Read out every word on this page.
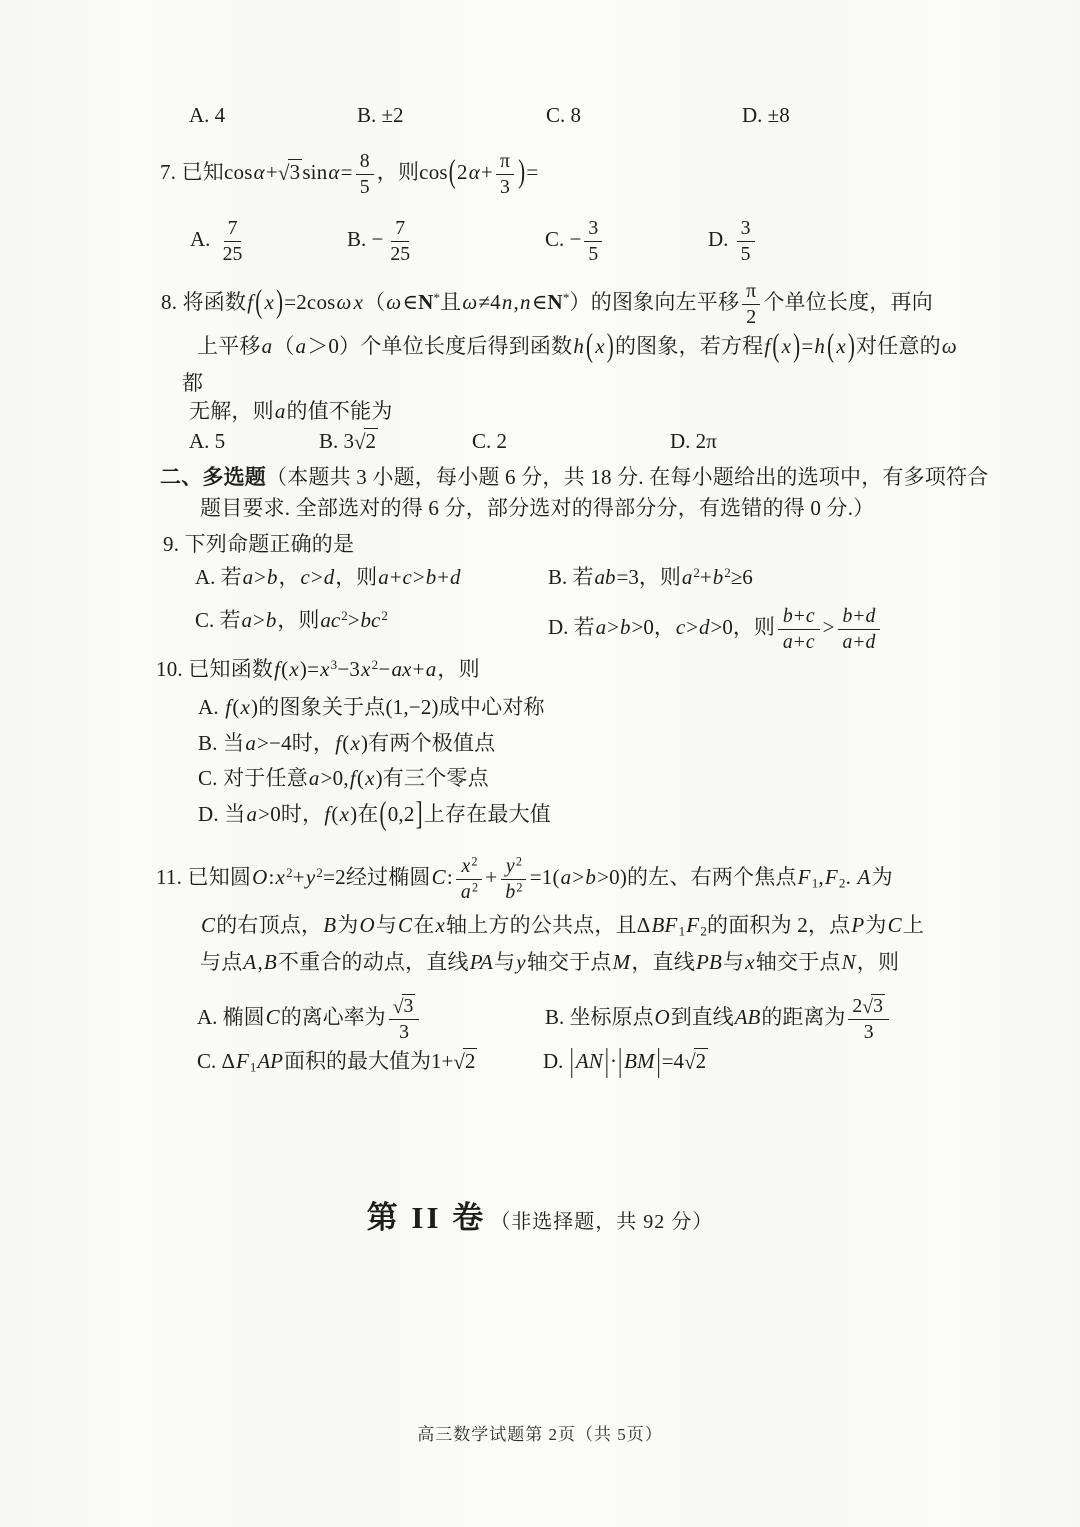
A. 4	B. ±2	C. 8	D. ±8
7. 已知$\cos\alpha+√3\sin\alpha= \frac{8}{5}$ ，则$\cos(2\alpha+ \frac{\pi}{3}$ )=
A. $\frac{7}{25}$	B. − $\frac{7}{25}$	C. − $\frac{3}{5}$	D. $\frac{3}{5}$
8. 将函数f(x)=2cosωx（ω∈N*且ω≠4n,n∈N*）的图象向左平移 $\frac{\pi}{2}$ 个单位长度，再向
上平移a（a＞0）个单位长度后得到函数h(x)的图象，若方程f(x)=h(x)对任意的ω
都
无解，则a的值不能为
A. 5	B. 3√2	C. 2	D. 2π
二、多选题（本题共 3 小题，每小题 6 分，共 18 分. 在每小题给出的选项中，有多项符合
题目要求. 全部选对的得 6 分，部分选对的得部分分，有选错的得 0 分.）
9. 下列命题正确的是
A. 若a>b，c>d，则a+c>b+d	B. 若ab=3，则$a^2+b^2\ge 6$
C. 若a>b，则$ac^2>bc^2$	D. 若a>b>0，c>d>0，则 $\frac{b+c}{a+c} > \frac{b+d}{a+d}$
10. 已知函数$f(x)=x^3-3x^2-ax+a$，则
A. f(x)的图象关于点(1,−2)成中心对称
B. 当a>−4时，f(x)有两个极值点
C. 对于任意a>0,f(x)有三个零点
D. 当a>0时，f(x)在(0,2]上存在最大值
11. 已知圆$O:x^2+y^2=2$经过椭圆C: $\frac{x^2}{a^2} + \frac{y^2}{b^2} =1(a>b>0)$的左、右两个焦点$F_1,F_2$. A为
C的右顶点，B为O与C在x轴上方的公共点，且$\Delta BF_1F_2$的面积为 2，点P为C上
与点A,B不重合的动点，直线PA与y轴交于点M，直线PB与x轴交于点N，则
A. 椭圆C的离心率为 $\frac{√3}{3}$	B. 坐标原点O到直线AB的距离为 $\frac{2√3}{3}$
C. $\Delta F_1AP$面积的最大值为1+√2	D. |AN|·|BM|=4√2
第 II 卷 （非选择题，共 92 分）
高三数学试题第 2页（共 5页）
